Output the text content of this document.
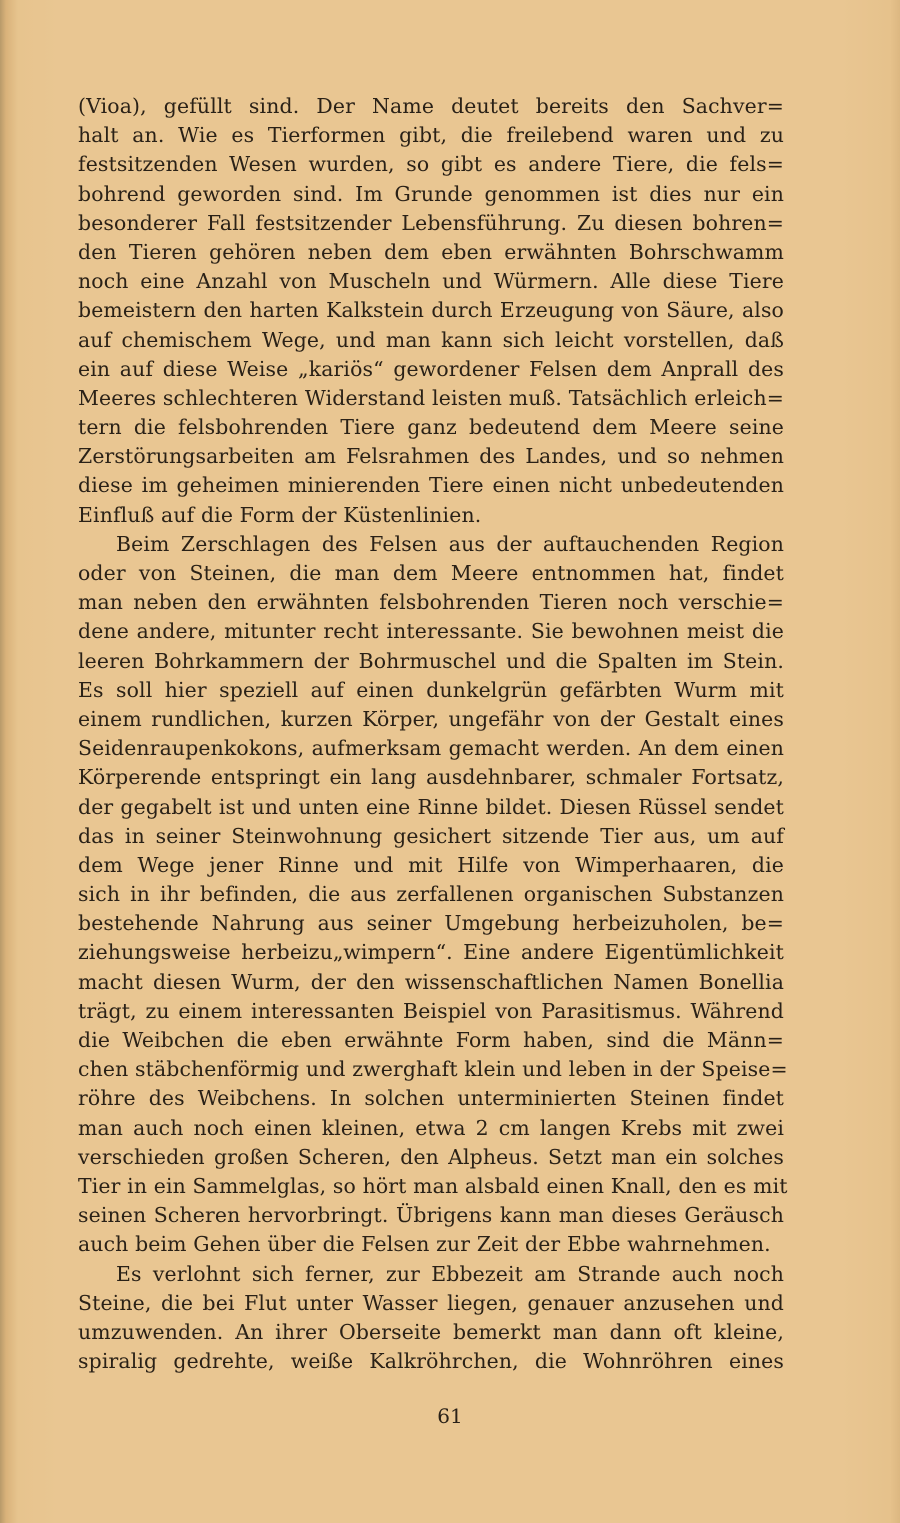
(Vioa), gefüllt sind. Der Name deutet bereits den Sachver=
halt an. Wie es Tierformen gibt, die freilebend waren und zu
festsitzenden Wesen wurden, so gibt es andere Tiere, die fels=
bohrend geworden sind. Im Grunde genommen ist dies nur ein
besonderer Fall festsitzender Lebensführung. Zu diesen bohren=
den Tieren gehören neben dem eben erwähnten Bohrschwamm
noch eine Anzahl von Muscheln und Würmern. Alle diese Tiere
bemeistern den harten Kalkstein durch Erzeugung von Säure, also
auf chemischem Wege, und man kann sich leicht vorstellen, daß
ein auf diese Weise „kariös“ gewordener Felsen dem Anprall des
Meeres schlechteren Widerstand leisten muß. Tatsächlich erleich=
tern die felsbohrenden Tiere ganz bedeutend dem Meere seine
Zerstörungsarbeiten am Felsrahmen des Landes, und so nehmen
diese im geheimen minierenden Tiere einen nicht unbedeutenden
Einfluß auf die Form der Küstenlinien.
Beim Zerschlagen des Felsen aus der auftauchenden Region
oder von Steinen, die man dem Meere entnommen hat, findet
man neben den erwähnten felsbohrenden Tieren noch verschie=
dene andere, mitunter recht interessante. Sie bewohnen meist die
leeren Bohrkammern der Bohrmuschel und die Spalten im Stein.
Es soll hier speziell auf einen dunkelgrün gefärbten Wurm mit
einem rundlichen, kurzen Körper, ungefähr von der Gestalt eines
Seidenraupenkokons, aufmerksam gemacht werden. An dem einen
Körperende entspringt ein lang ausdehnbarer, schmaler Fortsatz,
der gegabelt ist und unten eine Rinne bildet. Diesen Rüssel sendet
das in seiner Steinwohnung gesichert sitzende Tier aus, um auf
dem Wege jener Rinne und mit Hilfe von Wimperhaaren, die
sich in ihr befinden, die aus zerfallenen organischen Substanzen
bestehende Nahrung aus seiner Umgebung herbeizuholen, be=
ziehungsweise herbeizu„wimpern“. Eine andere Eigentümlichkeit
macht diesen Wurm, der den wissenschaftlichen Namen Bonellia
trägt, zu einem interessanten Beispiel von Parasitismus. Während
die Weibchen die eben erwähnte Form haben, sind die Männ=
chen stäbchenförmig und zwerghaft klein und leben in der Speise=
röhre des Weibchens. In solchen unterminierten Steinen findet
man auch noch einen kleinen, etwa 2 cm langen Krebs mit zwei
verschieden großen Scheren, den Alpheus. Setzt man ein solches
Tier in ein Sammelglas, so hört man alsbald einen Knall, den es mit
seinen Scheren hervorbringt. Übrigens kann man dieses Geräusch
auch beim Gehen über die Felsen zur Zeit der Ebbe wahrnehmen.
Es verlohnt sich ferner, zur Ebbezeit am Strande auch noch
Steine, die bei Flut unter Wasser liegen, genauer anzusehen und
umzuwenden. An ihrer Oberseite bemerkt man dann oft kleine,
spiralig gedrehte, weiße Kalkröhrchen, die Wohnröhren eines
61
